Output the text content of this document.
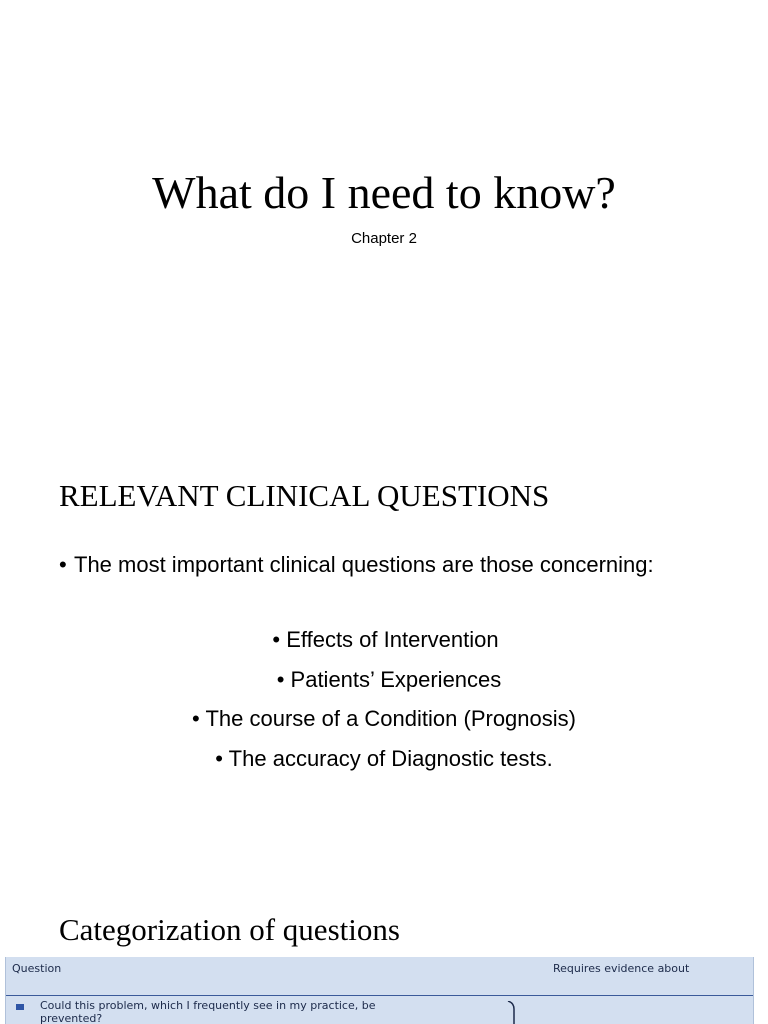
What do I need to know?
Chapter 2
RELEVANT CLINICAL QUESTIONS
• The most important clinical questions are those concerning:
• Effects of Intervention
• Patients’ Experiences
• The course of a Condition (Prognosis)
• The accuracy of Diagnostic tests.
Categorization of questions
Question	Requires evidence about
Could this problem, which I frequently see in my practice, be prevented?
